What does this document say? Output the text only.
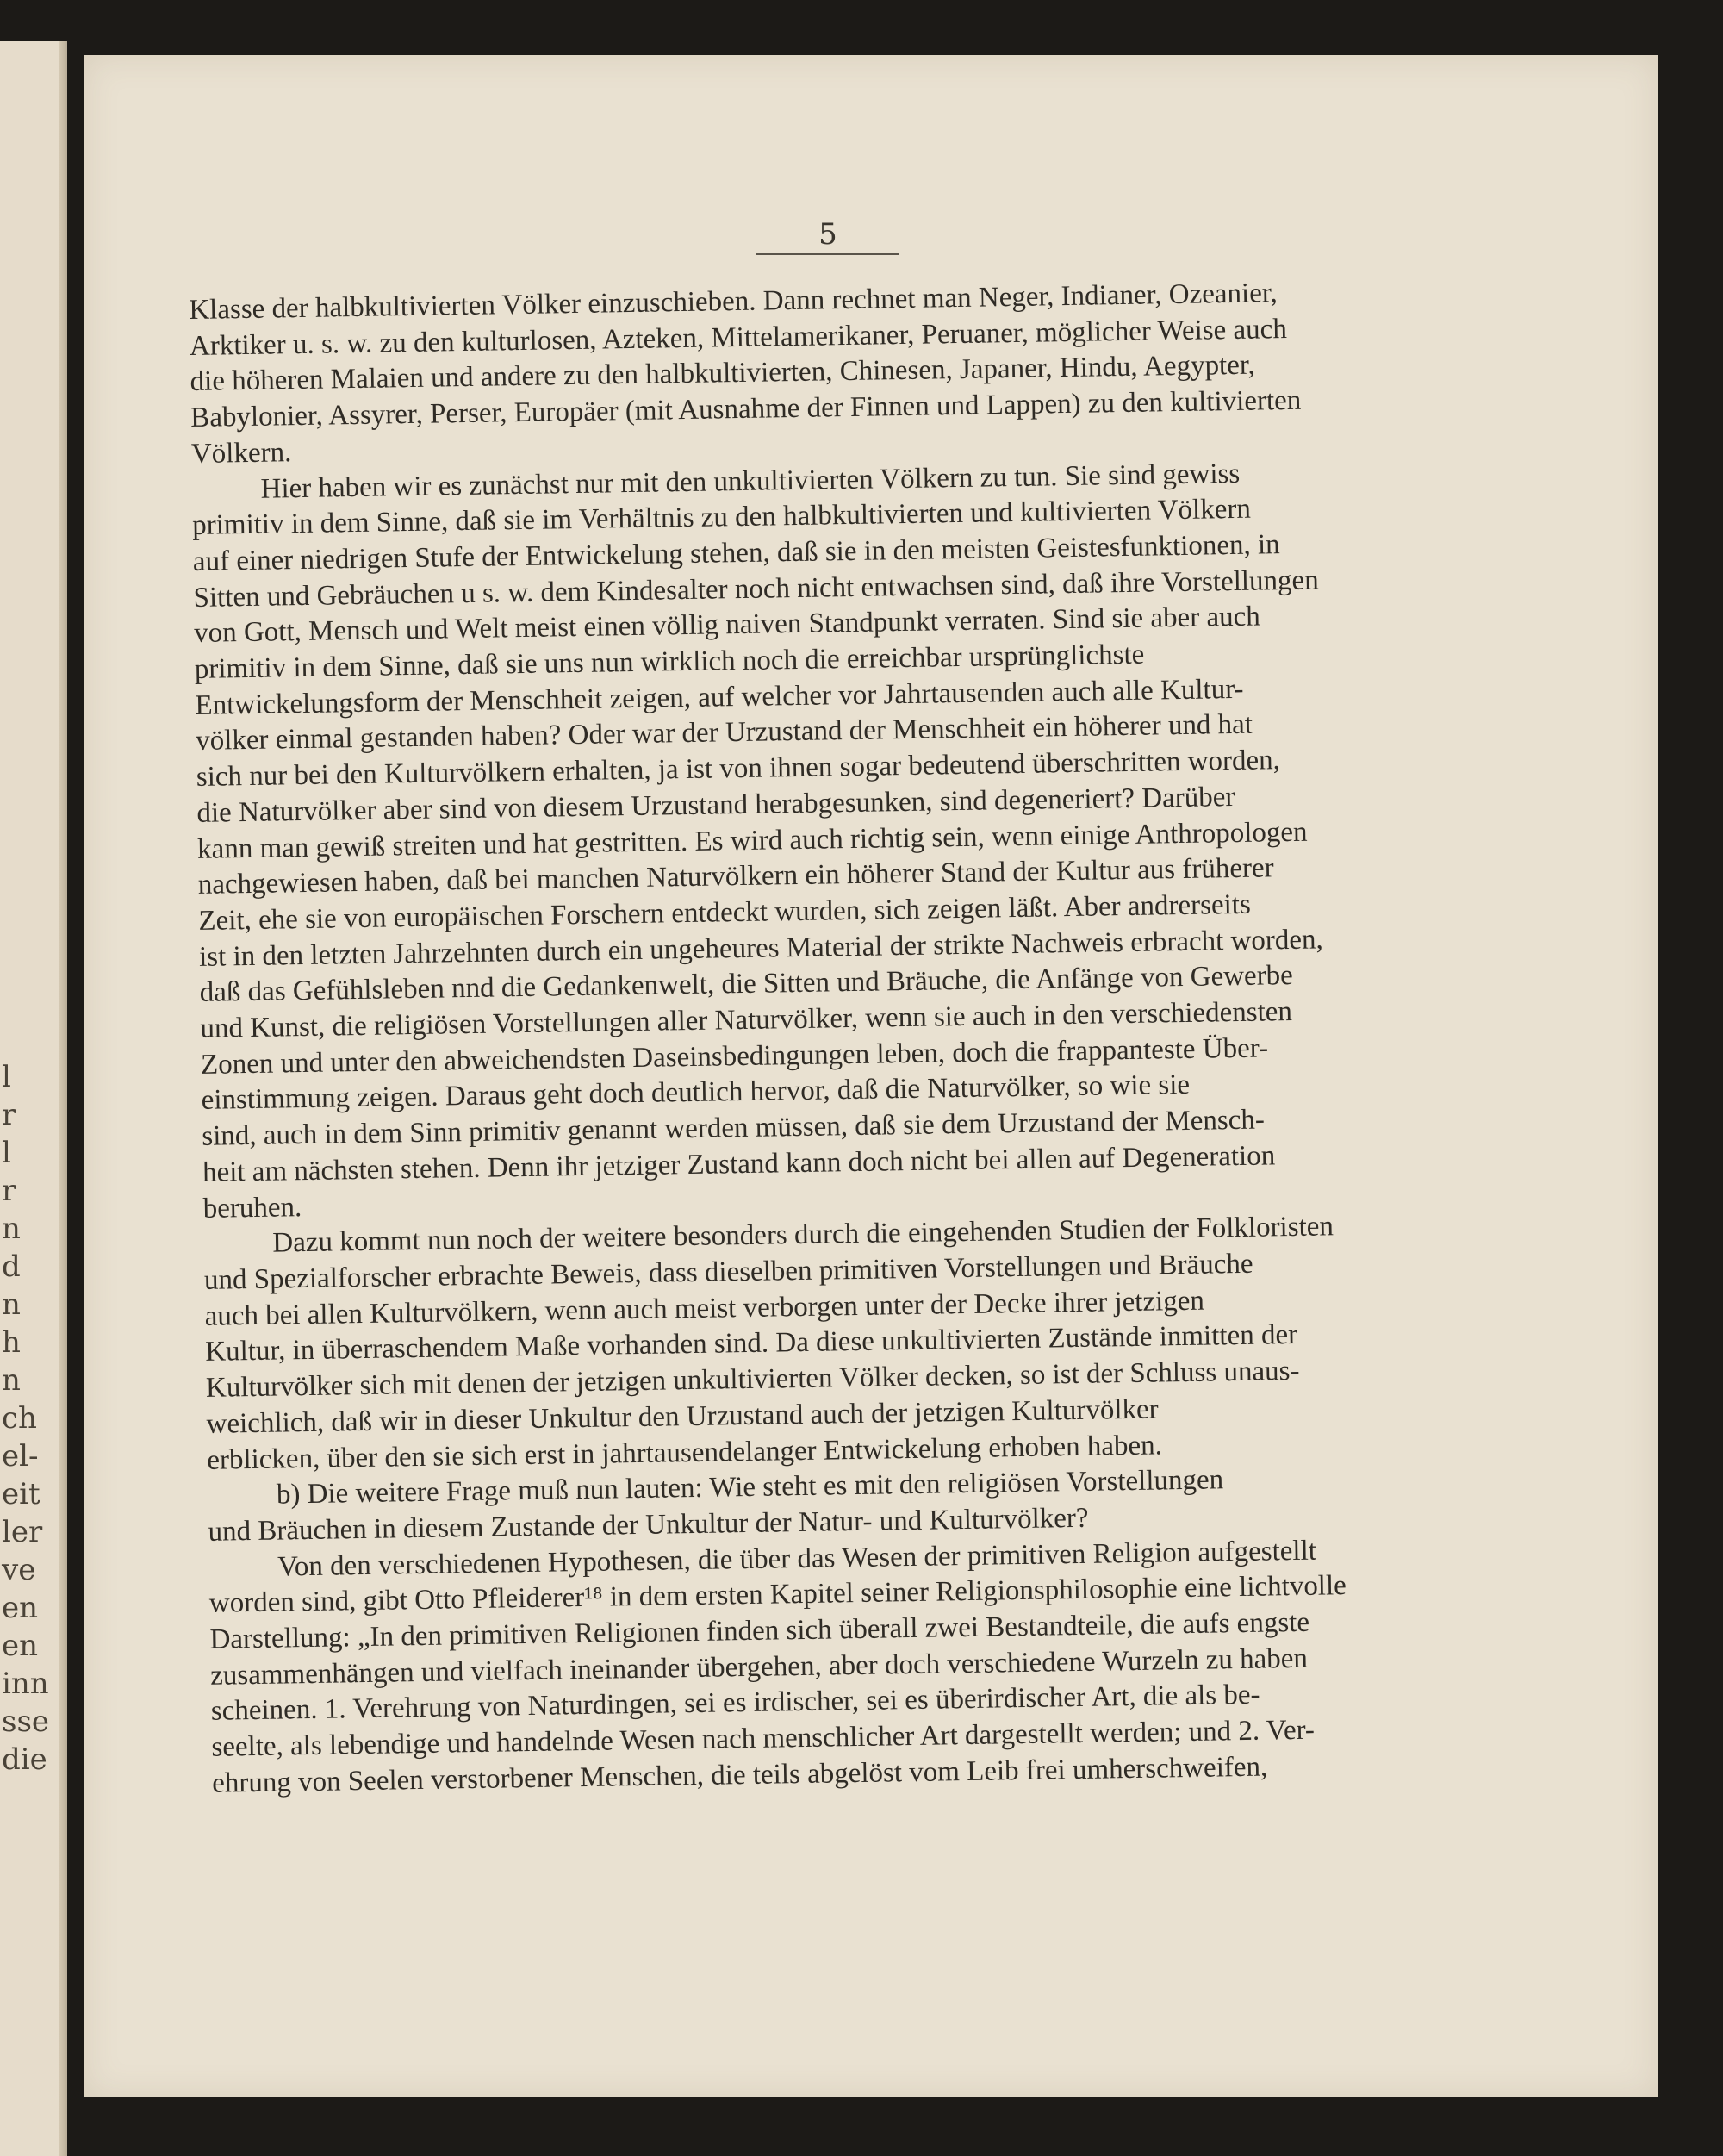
l
r
l
r
n
d
n
h
n
ch
el-
eit
ler
ve
en
en
inn
sse
die
5
Klasse der halbkultivierten Völker einzuschieben. Dann rechnet man Neger, Indianer, Ozeanier,
Arktiker u. s. w. zu den kulturlosen, Azteken, Mittelamerikaner, Peruaner, möglicher Weise auch
die höheren Malaien und andere zu den halbkultivierten, Chinesen, Japaner, Hindu, Aegypter,
Babylonier, Assyrer, Perser, Europäer (mit Ausnahme der Finnen und Lappen) zu den kultivierten
Völkern.
Hier haben wir es zunächst nur mit den unkultivierten Völkern zu tun. Sie sind gewiss
primitiv in dem Sinne, daß sie im Verhältnis zu den halbkultivierten und kultivierten Völkern
auf einer niedrigen Stufe der Entwickelung stehen, daß sie in den meisten Geistesfunktionen, in
Sitten und Gebräuchen u s. w. dem Kindesalter noch nicht entwachsen sind, daß ihre Vorstellungen
von Gott, Mensch und Welt meist einen völlig naiven Standpunkt verraten. Sind sie aber auch
primitiv in dem Sinne, daß sie uns nun wirklich noch die erreichbar ursprünglichste
Entwickelungsform der Menschheit zeigen, auf welcher vor Jahrtausenden auch alle Kultur-
völker einmal gestanden haben? Oder war der Urzustand der Menschheit ein höherer und hat
sich nur bei den Kulturvölkern erhalten, ja ist von ihnen sogar bedeutend überschritten worden,
die Naturvölker aber sind von diesem Urzustand herabgesunken, sind degeneriert? Darüber
kann man gewiß streiten und hat gestritten. Es wird auch richtig sein, wenn einige Anthropologen
nachgewiesen haben, daß bei manchen Naturvölkern ein höherer Stand der Kultur aus früherer
Zeit, ehe sie von europäischen Forschern entdeckt wurden, sich zeigen läßt. Aber andrerseits
ist in den letzten Jahrzehnten durch ein ungeheures Material der strikte Nachweis erbracht worden,
daß das Gefühlsleben nnd die Gedankenwelt, die Sitten und Bräuche, die Anfänge von Gewerbe
und Kunst, die religiösen Vorstellungen aller Naturvölker, wenn sie auch in den verschiedensten
Zonen und unter den abweichendsten Daseinsbedingungen leben, doch die frappanteste Über-
einstimmung zeigen. Daraus geht doch deutlich hervor, daß die Naturvölker, so wie sie
sind, auch in dem Sinn primitiv genannt werden müssen, daß sie dem Urzustand der Mensch-
heit am nächsten stehen. Denn ihr jetziger Zustand kann doch nicht bei allen auf Degeneration
beruhen.
Dazu kommt nun noch der weitere besonders durch die eingehenden Studien der Folkloristen
und Spezialforscher erbrachte Beweis, dass dieselben primitiven Vorstellungen und Bräuche
auch bei allen Kulturvölkern, wenn auch meist verborgen unter der Decke ihrer jetzigen
Kultur, in überraschendem Maße vorhanden sind. Da diese unkultivierten Zustände inmitten der
Kulturvölker sich mit denen der jetzigen unkultivierten Völker decken, so ist der Schluss unaus-
weichlich, daß wir in dieser Unkultur den Urzustand auch der jetzigen Kulturvölker
erblicken, über den sie sich erst in jahrtausendelanger Entwickelung erhoben haben.
b) Die weitere Frage muß nun lauten: Wie steht es mit den religiösen Vorstellungen
und Bräuchen in diesem Zustande der Unkultur der Natur- und Kulturvölker?
Von den verschiedenen Hypothesen, die über das Wesen der primitiven Religion aufgestellt
worden sind, gibt Otto Pfleiderer¹⁸ in dem ersten Kapitel seiner Religionsphilosophie eine lichtvolle
Darstellung: „In den primitiven Religionen finden sich überall zwei Bestandteile, die aufs engste
zusammenhängen und vielfach ineinander übergehen, aber doch verschiedene Wurzeln zu haben
scheinen. 1. Verehrung von Naturdingen, sei es irdischer, sei es überirdischer Art, die als be-
seelte, als lebendige und handelnde Wesen nach menschlicher Art dargestellt werden; und 2. Ver-
ehrung von Seelen verstorbener Menschen, die teils abgelöst vom Leib frei umherschweifen,
